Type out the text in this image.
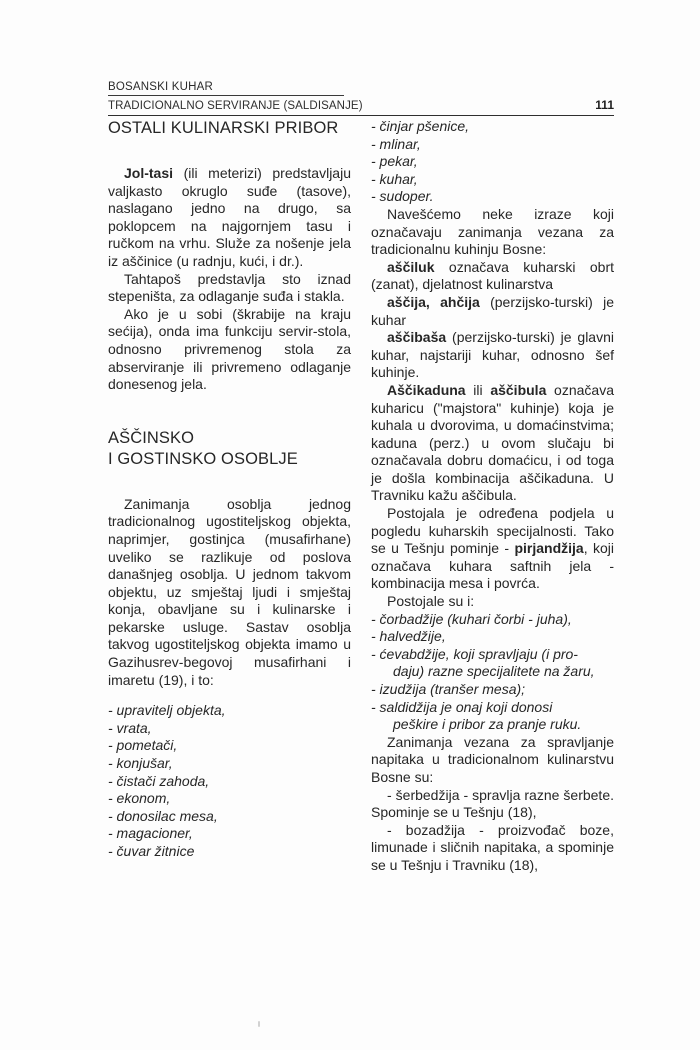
BOSANSKI KUHAR
TRADICIONALNO SERVIRANJE (SALDISANJE)	111
OSTALI KULINARSKI PRIBOR

Jol-tasi (ili meterizi) predstavljaju valjkasto okruglo suđe (tasove), naslagano jedno na drugo, sa poklopcem na najgornjem tasu i ručkom na vrhu. Služe za nošenje jela iz aščinice (u radnju, kući, i dr.).

Tahtapoš predstavlja sto iznad stepeništa, za odlaganje suđa i stakla.

Ako je u sobi (škrabije na kraju sećija), onda ima funkciju servir-stola, odnosno privremenog stola za abserviranje ili privremeno odlaganje donesenog jela.

AŠČINSKO
I GOSTINSKO OSOBLJE

Zanimanja osoblja jednog tradicionalnog ugostiteljskog objekta, naprimjer, gostinjca (musafirhane) uveliko se razlikuje od poslova današnjeg osoblja. U jednom takvom objektu, uz smještaj ljudi i smještaj konja, obavljane su i kulinarske i pekarske usluge. Sastav osoblja takvog ugostiteljskog objekta imamo u Gazihusrev-begovoj musafirhani i imaretu (19), i to:

- upravitelj objekta,
- vrata,
- pometači,
- konjušar,
- čistači zahoda,
- ekonom,
- donosilac mesa,
- magacioner,
- čuvar žitnice
- činjar pšenice,
- mlinar,
- pekar,
- kuhar,
- sudoper.

Navešćemo neke izraze koji označavaju zanimanja vezana za tradicionalnu kuhinju Bosne:

aščiluk označava kuharski obrt (zanat), djelatnost kulinarstva

aščija, ahčija (perzijsko-turski) je kuhar

aščibaša (perzijsko-turski) je glavni kuhar, najstariji kuhar, odnosno šef kuhinje.

Aščikaduna ili aščibula označava kuharicu ("majstora" kuhinje) koja je kuhala u dvorovima, u domaćinstvima; kaduna (perz.) u ovom slučaju bi označavala dobru domaćicu, i od toga je došla kombinacija aščikaduna. U Travniku kažu aščibula.

Postojala je određena podjela u pogledu kuharskih specijalnosti. Tako se u Tešnju pominje - pirjandžija, koji označava kuhara saftnih jela - kombinacija mesa i povrća.

Postojale su i:

- čorbadžije (kuhari čorbi - juha),
- halvedžije,
- ćevabdžije, koji spravljaju (i pro-
daju) razne specijalitete na žaru,
- izudžija (tranšer mesa);
- saldidžija je onaj koji donosi
peškire i pribor za pranje ruku.

Zanimanja vezana za spravljanje napitaka u tradicionalnom kulinarstvu Bosne su:

- šerbedžija - spravlja razne šerbete. Spominje se u Tešnju (18),

- bozadžija - proizvođač boze, limunade i sličnih napitaka, a spominje se u Tešnju i Travniku (18),
